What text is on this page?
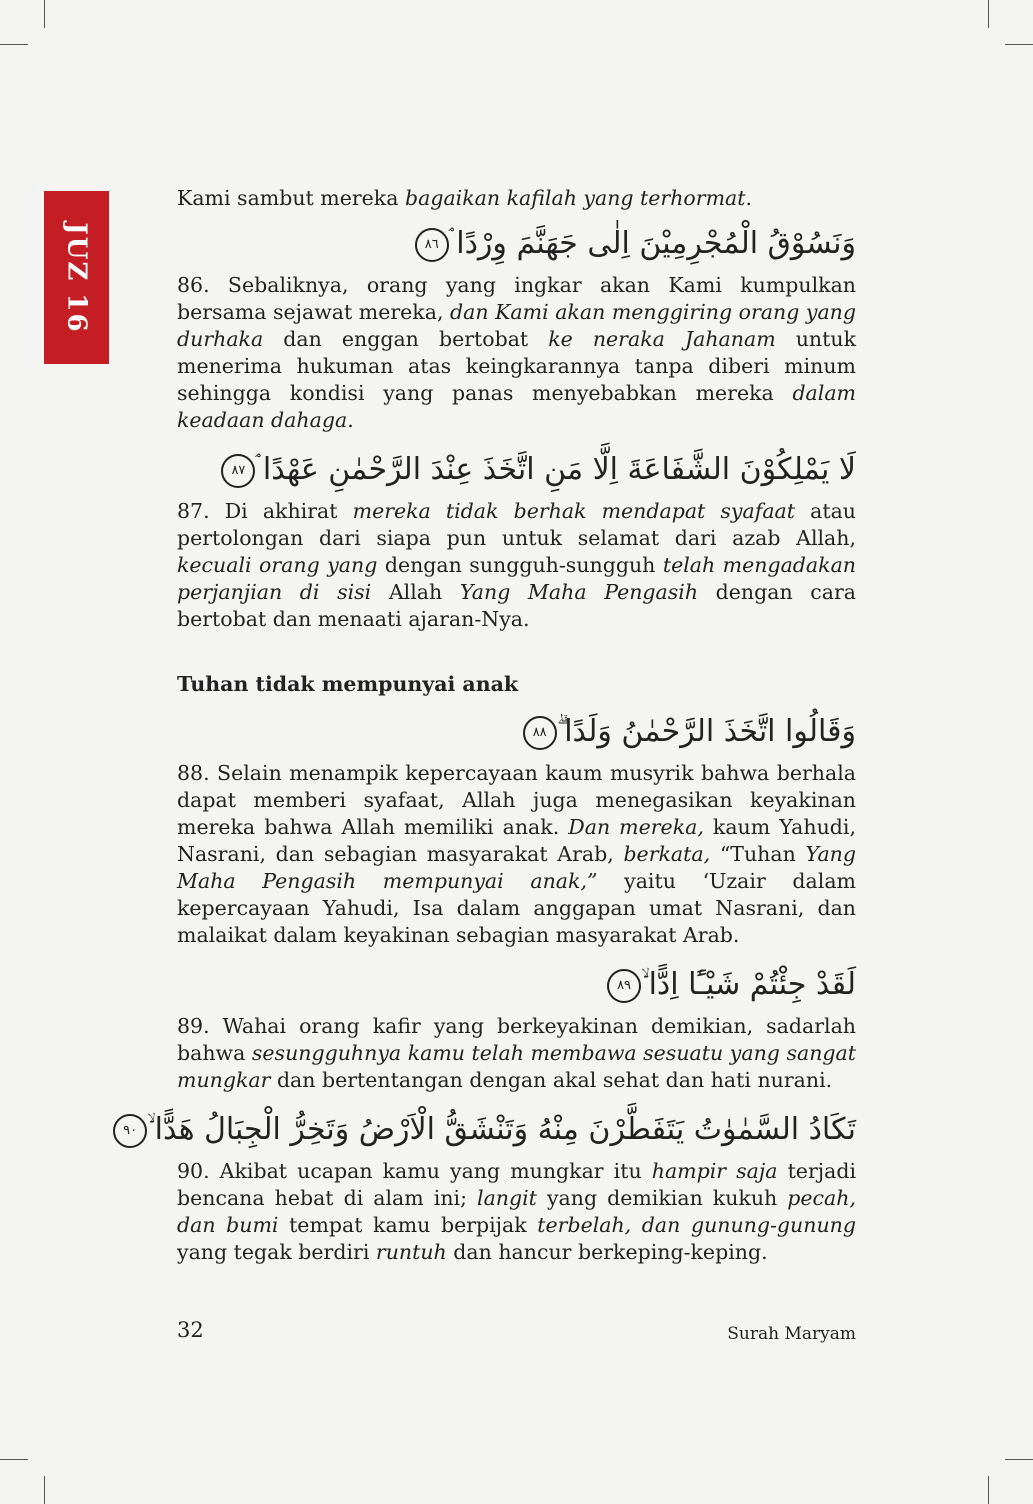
JUZ 16

Kami sambut mereka bagaikan kafilah yang terhormat.

وَنَسُوْقُ الْمُجْرِمِيْنَ اِلٰى جَهَنَّمَ وِرْدًا ۘ٨٦

86. Sebaliknya, orang yang ingkar akan Kami kumpulkan bersama sejawat mereka, dan Kami akan menggiring orang yang durhaka dan enggan bertobat ke neraka Jahanam untuk menerima hukuman atas keingkarannya tanpa diberi minum sehingga kondisi yang panas menyebabkan mereka dalam keadaan dahaga.

لَا يَمْلِكُوْنَ الشَّفَاعَةَ اِلَّا مَنِ اتَّخَذَ عِنْدَ الرَّحْمٰنِ عَهْدًا ۘ٨٧

87. Di akhirat mereka tidak berhak mendapat syafaat atau pertolongan dari siapa pun untuk selamat dari azab Allah, kecuali orang yang dengan sungguh-sungguh telah mengadakan perjanjian di sisi Allah Yang Maha Pengasih dengan cara bertobat dan menaati ajaran-Nya.

Tuhan tidak mempunyai anak
وَقَالُوا اتَّخَذَ الرَّحْمٰنُ وَلَدًا ۗ٨٨

88. Selain menampik kepercayaan kaum musyrik bahwa berhala dapat memberi syafaat, Allah juga menegasikan keyakinan mereka bahwa Allah memiliki anak. Dan mereka, kaum Yahudi, Nasrani, dan sebagian masyarakat Arab, berkata, “Tuhan Yang Maha Pengasih mempunyai anak,” yaitu ‘Uzair dalam kepercayaan Yahudi, Isa dalam anggapan umat Nasrani, dan malaikat dalam keyakinan sebagian masyarakat Arab.

لَقَدْ جِئْتُمْ شَيْـًٔا اِدًّا ۙ٨٩

89. Wahai orang kafir yang berkeyakinan demikian, sadarlah bahwa sesungguhnya kamu telah membawa sesuatu yang sangat mungkar dan bertentangan dengan akal sehat dan hati nurani.

تَكَادُ السَّمٰوٰتُ يَتَفَطَّرْنَ مِنْهُ وَتَنْشَقُّ الْاَرْضُ وَتَخِرُّ الْجِبَالُ هَدًّا ۙ٩٠

90. Akibat ucapan kamu yang mungkar itu hampir saja terjadi bencana hebat di alam ini; langit yang demikian kukuh pecah, dan bumi tempat kamu berpijak terbelah, dan gunung-gunung yang tegak berdiri runtuh dan hancur berkeping-keping.

32	Surah Maryam
